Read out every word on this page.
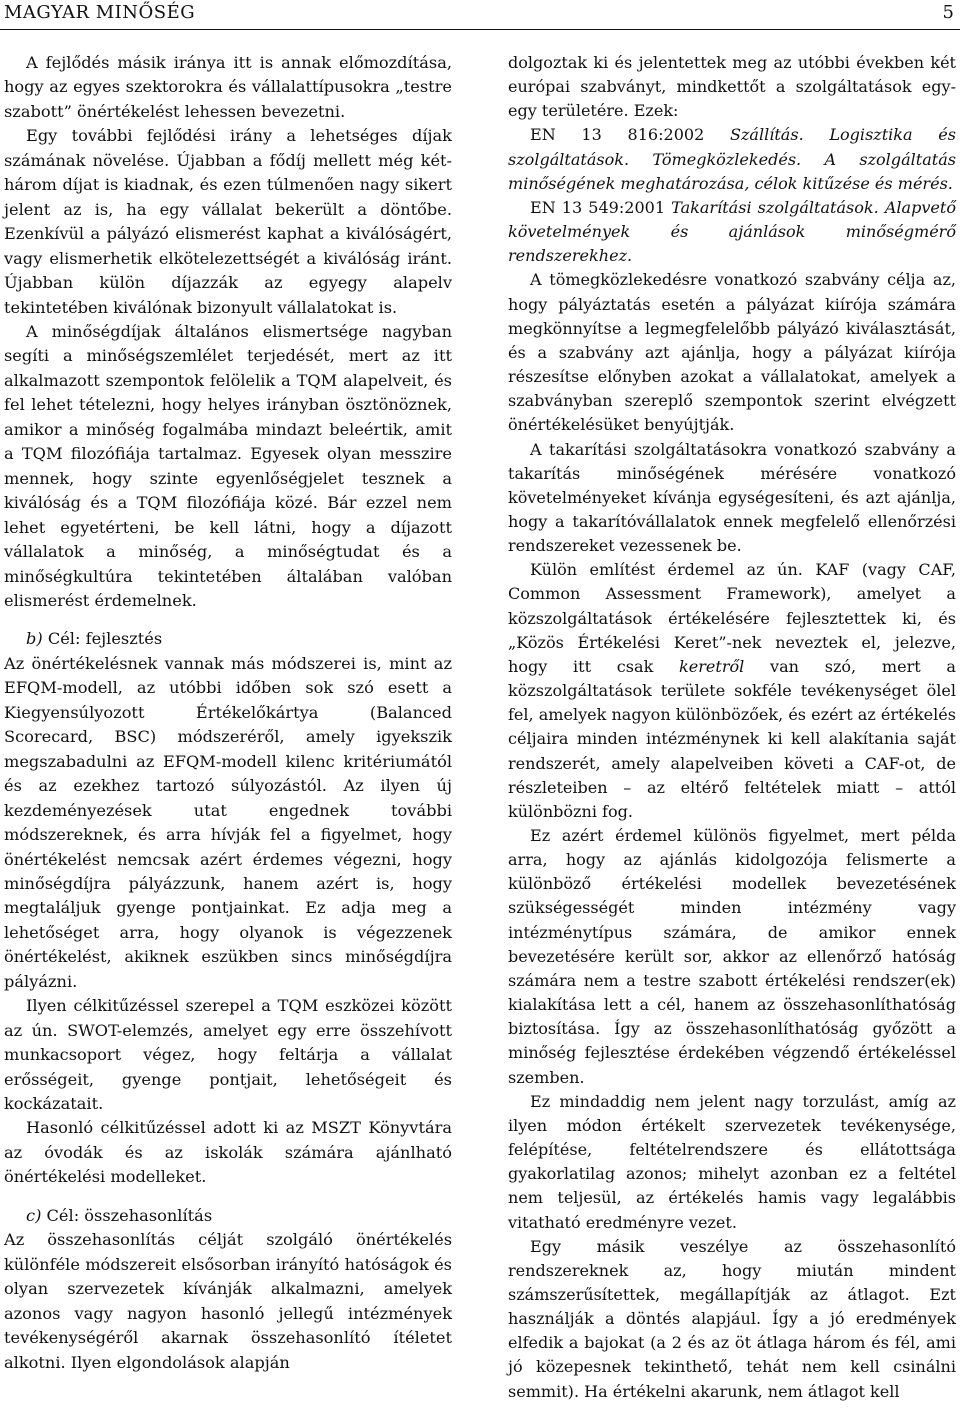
MAGYAR MINŐSÉG	5

A fejlődés másik iránya itt is annak előmozdítása, hogy az egyes szektorokra és vállalattípusokra „testre szabott” önértékelést lehessen bevezetni.

Egy további fejlődési irány a lehetséges díjak számának növelése. Újabban a fődíj mellett még két-három díjat is kiadnak, és ezen túlmenően nagy sikert jelent az is, ha egy vállalat bekerült a döntőbe. Ezenkívül a pályázó elismerést kaphat a kiválóságért, vagy elismerhetik elkötelezettségét a kiválóság iránt. Újabban külön díjazzák az egyegy alapelv tekintetében kiválónak bizonyult vállalatokat is.

A minőségdíjak általános elismertsége nagyban segíti a minőségszemlélet terjedését, mert az itt alkalmazott szempontok felölelik a TQM alapelveit, és fel lehet tételezni, hogy helyes irányban ösztönöznek, amikor a minőség fogalmába mindazt beleértik, amit a TQM filozófiája tartalmaz. Egyesek olyan messzire mennek, hogy szinte egyenlőségjelet tesznek a kiválóság és a TQM filozófiája közé. Bár ezzel nem lehet egyetérteni, be kell látni, hogy a díjazott vállalatok a minőség, a minőségtudat és a minőségkultúra tekintetében általában valóban elismerést érdemelnek.

b) Cél: fejlesztés

Az önértékelésnek vannak más módszerei is, mint az EFQM-modell, az utóbbi időben sok szó esett a Kiegyensúlyozott Értékelőkártya (Balanced Scorecard, BSC) módszeréről, amely igyekszik megszabadulni az EFQM-modell kilenc kritériumától és az ezekhez tartozó súlyozástól. Az ilyen új kezdeményezések utat engednek további módszereknek, és arra hívják fel a figyelmet, hogy önértékelést nemcsak azért érdemes végezni, hogy minőségdíjra pályázzunk, hanem azért is, hogy megtaláljuk gyenge pontjainkat. Ez adja meg a lehetőséget arra, hogy olyanok is végezzenek önértékelést, akiknek eszükben sincs minőségdíjra pályázni.

Ilyen célkitűzéssel szerepel a TQM eszközei között az ún. SWOT-elemzés, amelyet egy erre összehívott munkacsoport végez, hogy feltárja a vállalat erősségeit, gyenge pontjait, lehetőségeit és kockázatait.

Hasonló célkitűzéssel adott ki az MSZT Könyvtára az óvodák és az iskolák számára ajánlható önértékelési modelleket.

c) Cél: összehasonlítás

Az összehasonlítás célját szolgáló önértékelés különféle módszereit elsősorban irányító hatóságok és olyan szervezetek kívánják alkalmazni, amelyek azonos vagy nagyon hasonló jellegű intézmények tevékenységéről akarnak összehasonlító ítéletet alkotni. Ilyen elgondolások alapján

dolgoztak ki és jelentettek meg az utóbbi években két európai szabványt, mindkettőt a szolgáltatások egy-egy területére. Ezek:

EN 13 816:2002 Szállítás. Logisztika és szolgáltatások. Tömegközlekedés. A szolgáltatás minőségének meghatározása, célok kitűzése és mérés.

EN 13 549:2001 Takarítási szolgáltatások. Alapvető követelmények és ajánlások minőségmérő rendszerekhez.

A tömegközlekedésre vonatkozó szabvány célja az, hogy pályáztatás esetén a pályázat kiírója számára megkönnyítse a legmegfelelőbb pályázó kiválasztását, és a szabvány azt ajánlja, hogy a pályázat kiírója részesítse előnyben azokat a vállalatokat, amelyek a szabványban szereplő szempontok szerint elvégzett önértékelésüket benyújtják.

A takarítási szolgáltatásokra vonatkozó szabvány a takarítás minőségének mérésére vonatkozó követelményeket kívánja egységesíteni, és azt ajánlja, hogy a takarítóvállalatok ennek megfelelő ellenőrzési rendszereket vezessenek be.

Külön említést érdemel az ún. KAF (vagy CAF, Common Assessment Framework), amelyet a közszolgáltatások értékelésére fejlesztettek ki, és „Közös Értékelési Keret”-nek neveztek el, jelezve, hogy itt csak keretről van szó, mert a közszolgáltatások területe sokféle tevékenységet ölel fel, amelyek nagyon különbözőek, és ezért az értékelés céljaira minden intézménynek ki kell alakítania saját rendszerét, amely alapelveiben követi a CAF-ot, de részleteiben – az eltérő feltételek miatt – attól különbözni fog.

Ez azért érdemel különös figyelmet, mert példa arra, hogy az ajánlás kidolgozója felismerte a különböző értékelési modellek bevezetésének szükségességét minden intézmény vagy intézménytípus számára, de amikor ennek bevezetésére került sor, akkor az ellenőrző hatóság számára nem a testre szabott értékelési rendszer(ek) kialakítása lett a cél, hanem az összehasonlíthatóság biztosítása. Így az összehasonlíthatóság győzött a minőség fejlesztése érdekében végzendő értékeléssel szemben.

Ez mindaddig nem jelent nagy torzulást, amíg az ilyen módon értékelt szervezetek tevékenysége, felépítése, feltételrendszere és ellátottsága gyakorlatilag azonos; mihelyt azonban ez a feltétel nem teljesül, az értékelés hamis vagy legalábbis vitatható eredményre vezet.

Egy másik veszélye az összehasonlító rendszereknek az, hogy miután mindent számszerűsítettek, megállapítják az átlagot. Ezt használják a döntés alapjául. Így a jó eredmények elfedik a bajokat (a 2 és az öt átlaga három és fél, ami jó közepesnek tekinthető, tehát nem kell csinálni semmit). Ha értékelni akarunk, nem átlagot kell
